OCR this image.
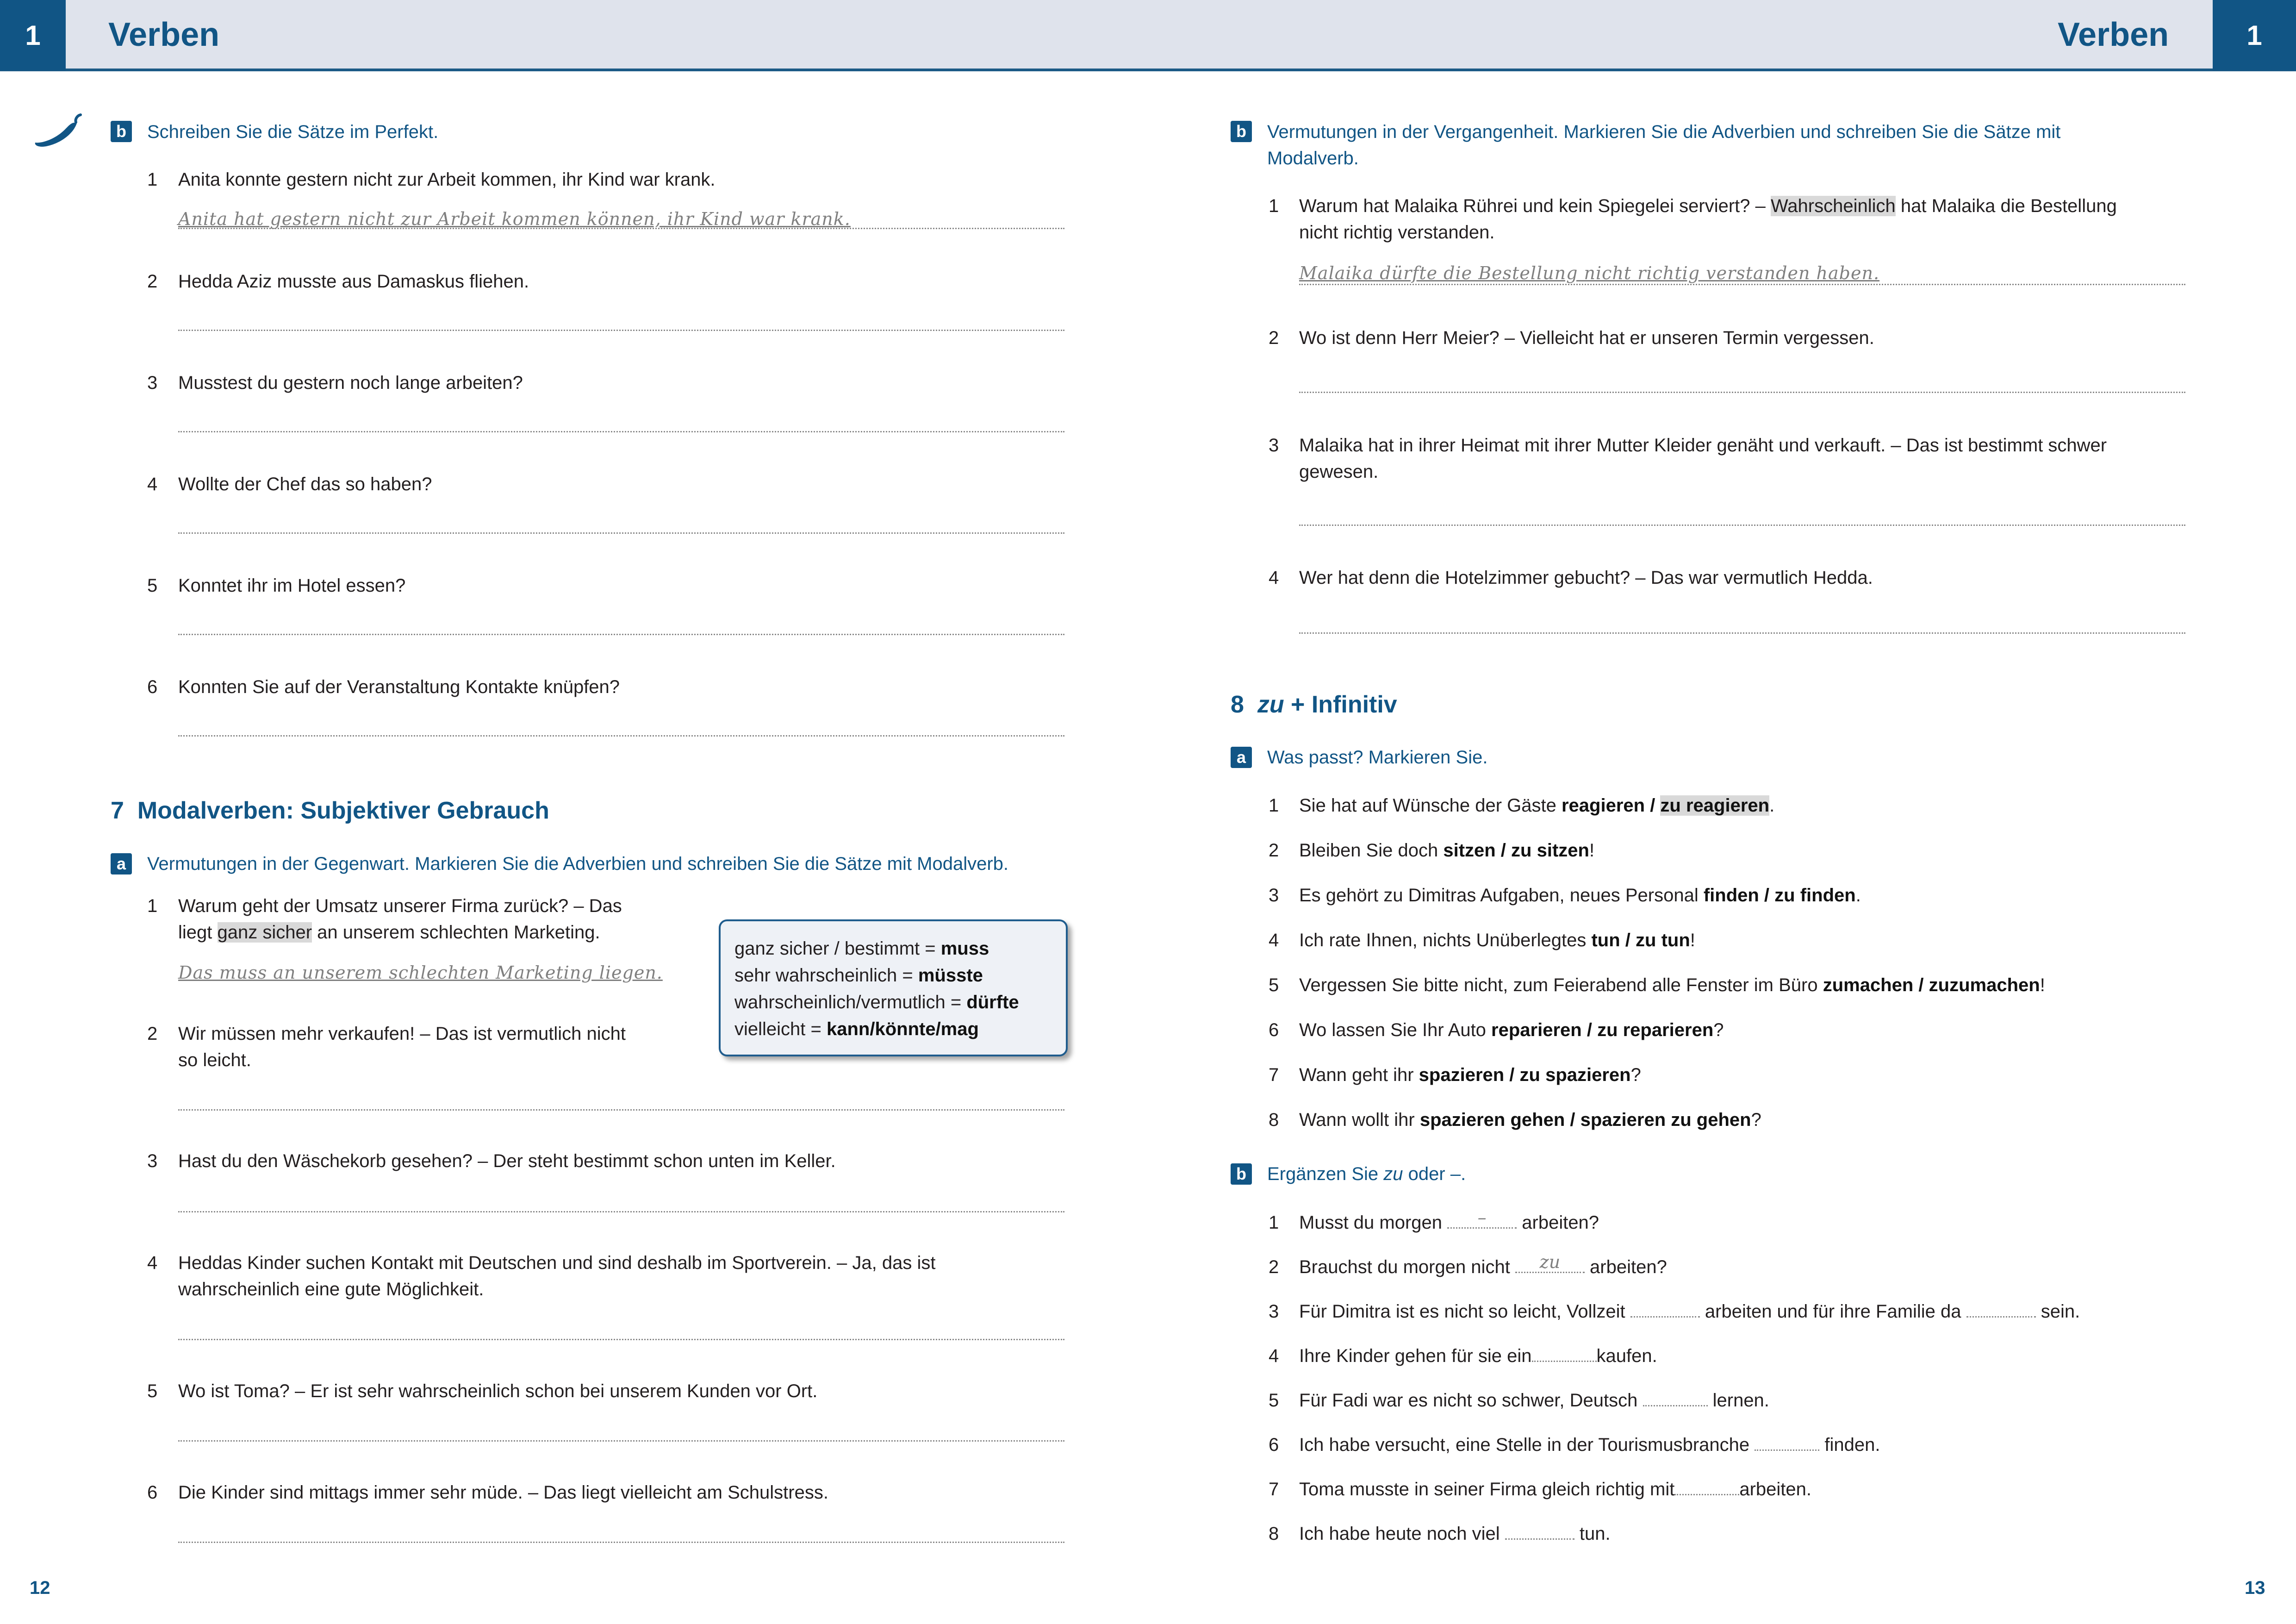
1	Verben	Verben	1
b	Schreiben Sie die Sätze im Perfekt.
1 Anita konnte gestern nicht zur Arbeit kommen, ihr Kind war krank.
Anita hat gestern nicht zur Arbeit kommen können, ihr Kind war krank.
2 Hedda Aziz musste aus Damaskus fliehen.
3 Musstest du gestern noch lange arbeiten?
4 Wollte der Chef das so haben?
5 Konntet ihr im Hotel essen?
6 Konnten Sie auf der Veranstaltung Kontakte knüpfen?
7 Modalverben: Subjektiver Gebrauch
a	Vermutungen in der Gegenwart. Markieren Sie die Adverbien und schreiben Sie die Sätze mit Modalverb.
1 Warum geht der Umsatz unserer Firma zurück? – Das
liegt ganz sicher an unserem schlechten Marketing.
Das muss an unserem schlechten Marketing liegen.
2 Wir müssen mehr verkaufen! – Das ist vermutlich nicht
so leicht.
ganz sicher / bestimmt = muss
sehr wahrscheinlich = müsste
wahrscheinlich/vermutlich = dürfte
vielleicht = kann/könnte/mag
3 Hast du den Wäschekorb gesehen? – Der steht bestimmt schon unten im Keller.
4 Heddas Kinder suchen Kontakt mit Deutschen und sind deshalb im Sportverein. – Ja, das ist
wahrscheinlich eine gute Möglichkeit.
5 Wo ist Toma? – Er ist sehr wahrscheinlich schon bei unserem Kunden vor Ort.
6 Die Kinder sind mittags immer sehr müde. – Das liegt vielleicht am Schulstress.
12
b	Vermutungen in der Vergangenheit. Markieren Sie die Adverbien und schreiben Sie die Sätze mit
Modalverb.
1 Warum hat Malaika Rührei und kein Spiegelei serviert? – Wahrscheinlich hat Malaika die Bestellung
nicht richtig verstanden.
Malaika dürfte die Bestellung nicht richtig verstanden haben.
2 Wo ist denn Herr Meier? – Vielleicht hat er unseren Termin vergessen.
3 Malaika hat in ihrer Heimat mit ihrer Mutter Kleider genäht und verkauft. – Das ist bestimmt schwer
gewesen.
4 Wer hat denn die Hotelzimmer gebucht? – Das war vermutlich Hedda.
8 zu + Infinitiv
a	Was passt? Markieren Sie.
1 Sie hat auf Wünsche der Gäste reagieren / zu reagieren.
2 Bleiben Sie doch sitzen / zu sitzen!
3 Es gehört zu Dimitras Aufgaben, neues Personal finden / zu finden.
4 Ich rate Ihnen, nichts Unüberlegtes tun / zu tun!
5 Vergessen Sie bitte nicht, zum Feierabend alle Fenster im Büro zumachen / zuzumachen!
6 Wo lassen Sie Ihr Auto reparieren / zu reparieren?
7 Wann geht ihr spazieren / zu spazieren?
8 Wann wollt ihr spazieren gehen / spazieren zu gehen?
b	Ergänzen Sie zu oder –.
1 Musst du morgen	–	arbeiten?
2 Brauchst du morgen nicht	zu	arbeiten?
3 Für Dimitra ist es nicht so leicht, Vollzeit	arbeiten und für ihre Familie da	sein.
4 Ihre Kinder gehen für sie ein	kaufen.
5 Für Fadi war es nicht so schwer, Deutsch	lernen.
6 Ich habe versucht, eine Stelle in der Tourismusbranche	finden.
7 Toma musste in seiner Firma gleich richtig mit	arbeiten.
8 Ich habe heute noch viel	tun.
13
